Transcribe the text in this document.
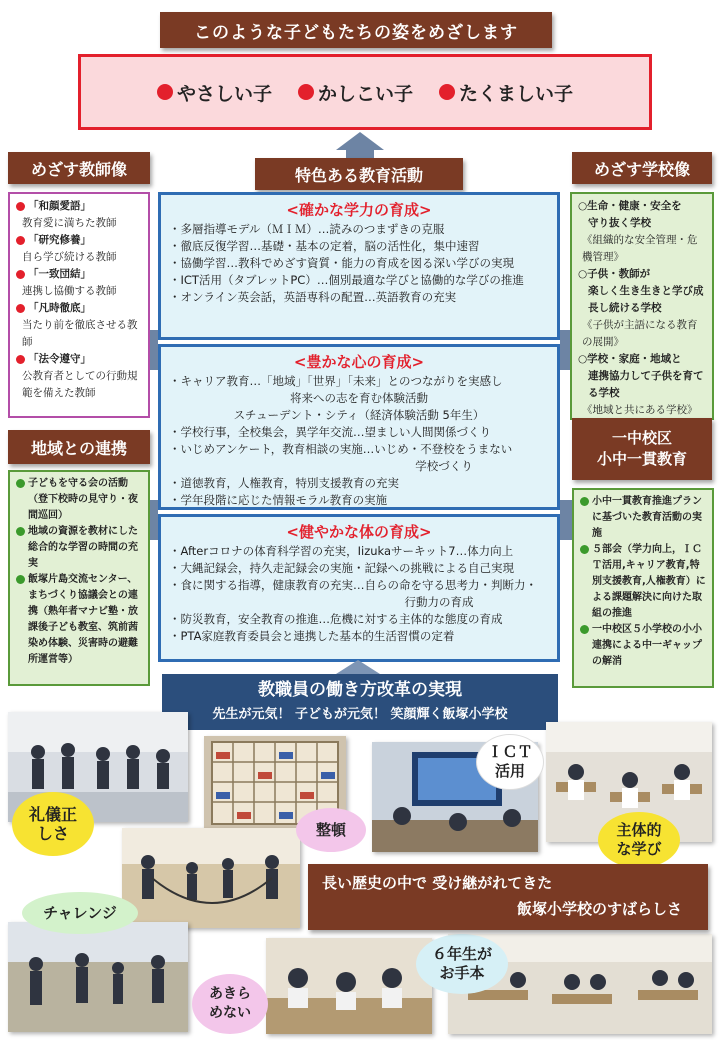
このような子どもたちの姿をめざします
やさしい子 かしこい子 たくましい子
特色ある教育活動
めざす教師像
「和顔愛語」
教育愛に満ちた教師
「研究修養」
自ら学び続ける教師
「一致団結」
連携し協働する教師
「凡時徹底」
当たり前を徹底させる教師
「法令遵守」
公教育者としての行動規範を備えた教師
めざす学校像
○生命・健康・安全を
守り抜く学校
《組織的な安全管理・危機管理》
○子供・教師が
楽しく生き生きと学び成長し続ける学校
《子供が主語になる教育の展開》
○学校・家庭・地域と
連携協力して子供を育てる学校
《地域と共にある学校》
地域との連携
子どもを守る会の活動（登下校時の見守り・夜間巡回）
地域の資源を教材にした総合的な学習の時間の充実
飯塚片島交流センター、まちづくり協議会との連携（熟年者マナビ塾・放課後子ども教室、筑前茜染め体験、災害時の避難所運営等）
一中校区
小中一貫教育
小中一貫教育推進プランに基づいた教育活動の実施
５部会（学力向上，ＩＣＴ活用,キャリア教育,特別支援教育,人権教育）による課題解決に向けた取組の推進
一中校区５小学校の小小連携による中一ギャップの解消
<確かな学力の育成>
・多層指導モデル（ＭＩＭ）…読みのつまずきの克服
・徹底反復学習…基礎・基本の定着，脳の活性化，集中速習
・協働学習…教科でめざす資質・能力の育成を図る深い学びの実現
・ICT活用（タブレットPC）…個別最適な学びと協働的な学びの推進
・オンライン英会話，英語専科の配置…英語教育の充実
<豊かな心の育成>
・キャリア教育…「地域」「世界」「未来」とのつながりを実感し
将来への志を育む体験活動
スチューデント・シティ（経済体験活動 5年生）
・学校行事，全校集会，異学年交流…望ましい人間関係づくり
・いじめアンケート，教育相談の実施…いじめ・不登校をうまない
学校づくり
・道徳教育，人権教育，特別支援教育の充実
・学年段階に応じた情報モラル教育の実施
<健やかな体の育成>
・Afterコロナの体育科学習の充実，Iizukaサーキット7…体力向上
・大縄記録会，持久走記録会の実施・記録への挑戦による自己実現
・食に関する指導，健康教育の充実…自らの命を守る思考力・判断力・
行動力の育成
・防災教育，安全教育の推進…危機に対する主体的な態度の育成
・PTA家庭教育委員会と連携した基本的生活習慣の定着
教職員の働き方改革の実現
先生が元気！ 子どもが元気！ 笑顔輝く飯塚小学校
礼儀正しさ	整頓
ＩＣＴ活用
主体的な学び
チャレンジ
あきらめない
６年生がお手本
長い歴史の中で 受け継がれてきた
飯塚小学校のすばらしさ
